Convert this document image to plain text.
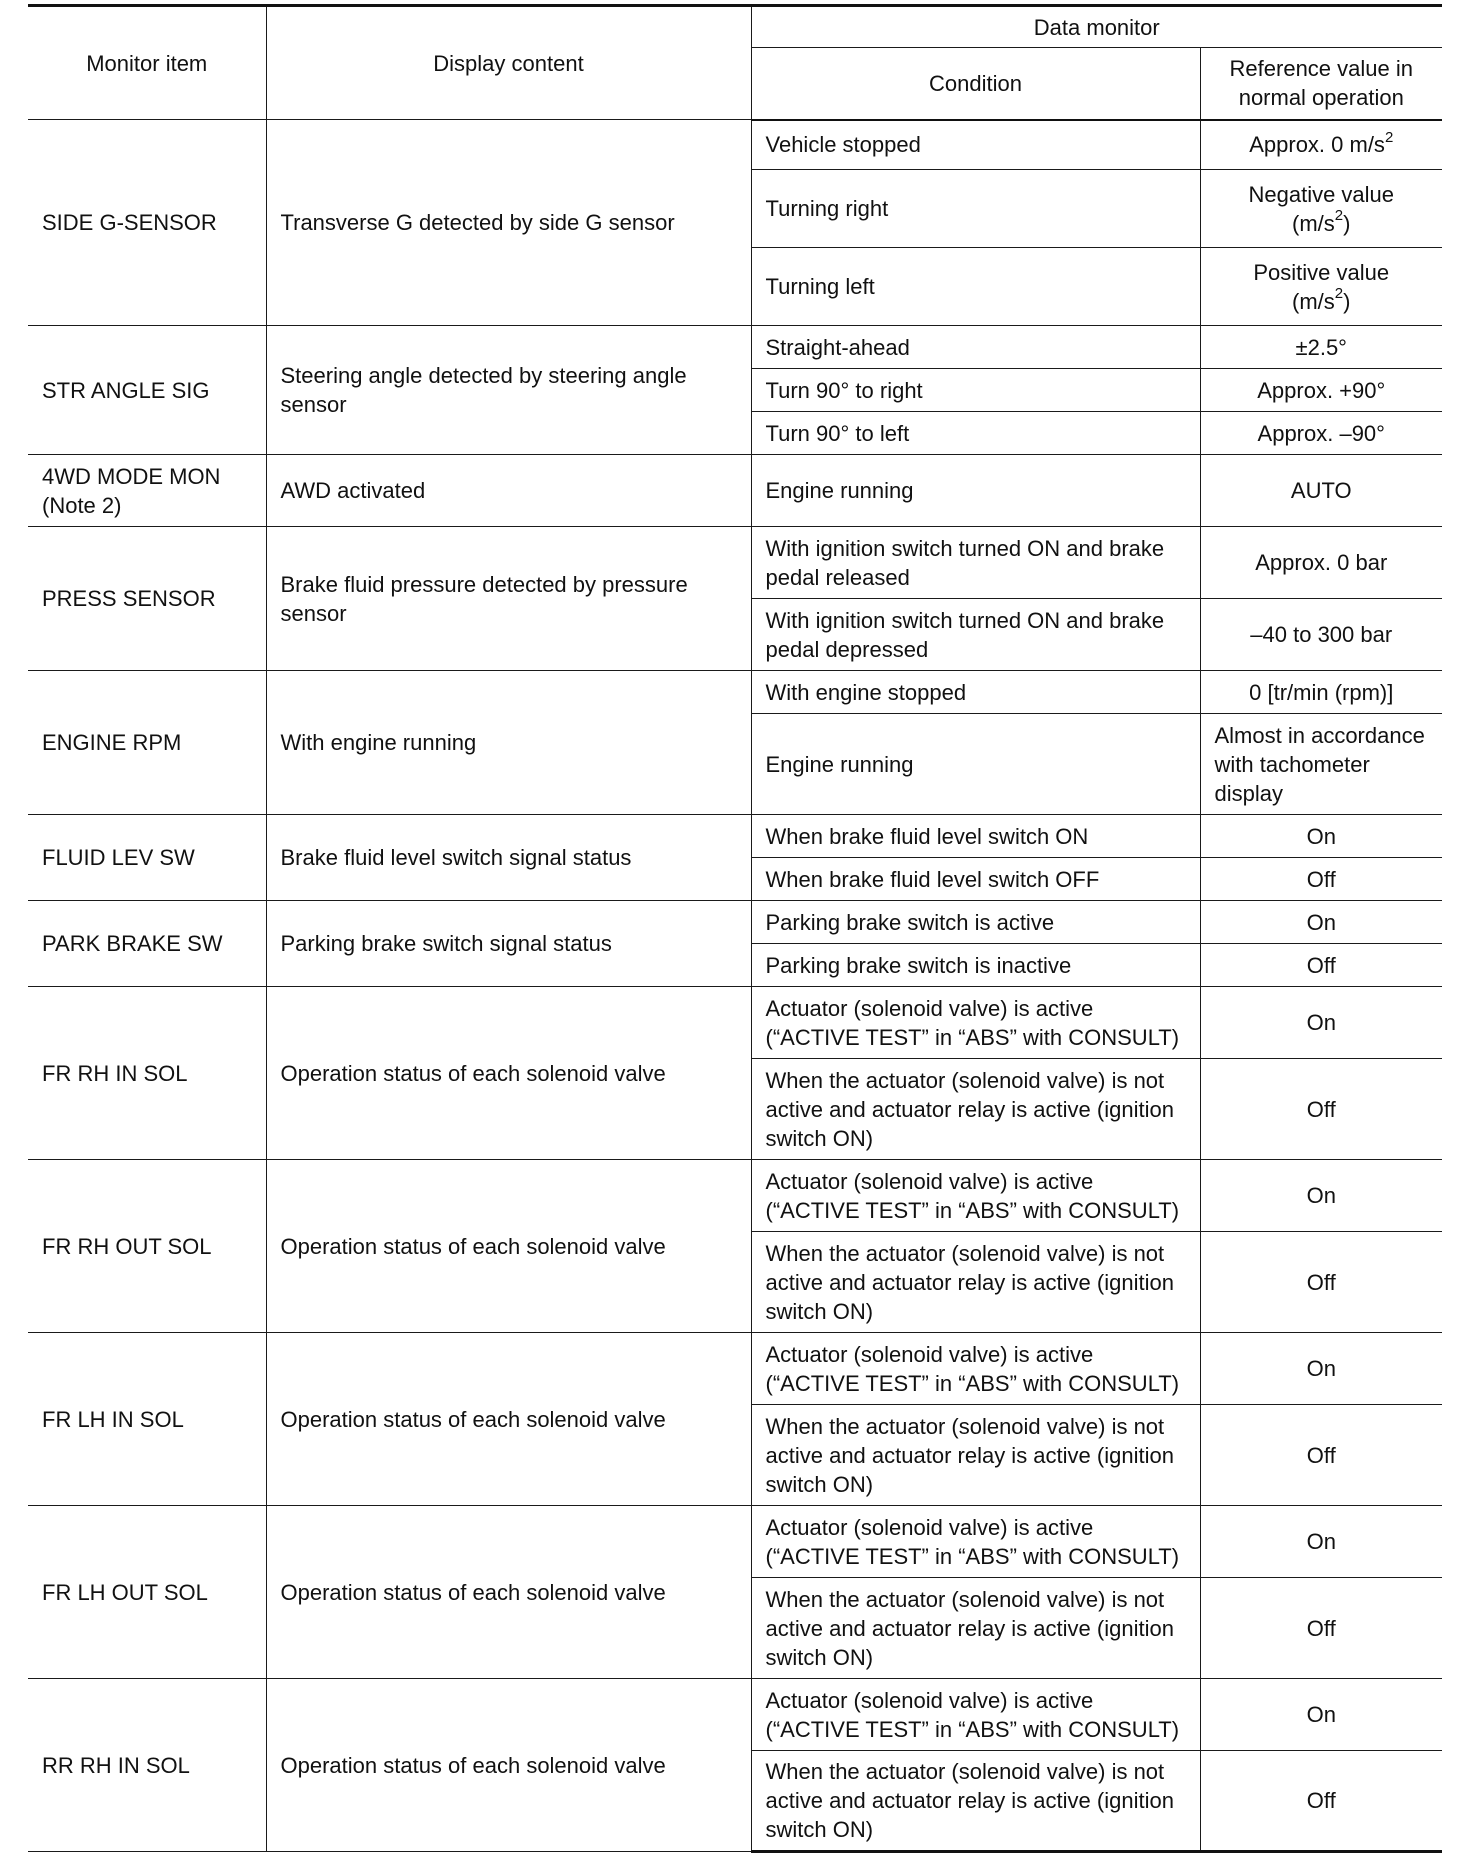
Monitor item	Display content	Data monitor	
		Condition	Reference value in normal operation
SIDE G-SENSOR	Transverse G detected by side G sensor	Vehicle stopped	Approx. 0 $m/s^2$
		Turning right	Negative value
$(m/s^2)$
		Turning left	Positive value
$(m/s^2)$
STR ANGLE SIG	Steering angle detected by steering angle sensor	Straight-ahead	±2.5°
		Turn 90° to right	Approx. +90°
		Turn 90° to left	Approx. –90°
4WD MODE MON (Note 2)	AWD activated	Engine running	AUTO
PRESS SENSOR	Brake fluid pressure detected by pressure sensor	With ignition switch turned ON and brake pedal released	Approx. 0 bar
		With ignition switch turned ON and brake pedal depressed	–40 to 300 bar
ENGINE RPM	With engine running	With engine stopped	0 [tr/min (rpm)]
		Engine running	Almost in accordance with tachometer display
FLUID LEV SW	Brake fluid level switch signal status	When brake fluid level switch ON	On
		When brake fluid level switch OFF	Off
PARK BRAKE SW	Parking brake switch signal status	Parking brake switch is active	On
		Parking brake switch is inactive	Off
FR RH IN SOL	Operation status of each solenoid valve	Actuator (solenoid valve) is active (“ACTIVE TEST” in “ABS” with CONSULT)	On
		When the actuator (solenoid valve) is not active and actuator relay is active (ignition switch ON)	Off
FR RH OUT SOL	Operation status of each solenoid valve	Actuator (solenoid valve) is active (“ACTIVE TEST” in “ABS” with CONSULT)	On
		When the actuator (solenoid valve) is not active and actuator relay is active (ignition switch ON)	Off
FR LH IN SOL	Operation status of each solenoid valve	Actuator (solenoid valve) is active (“ACTIVE TEST” in “ABS” with CONSULT)	On
		When the actuator (solenoid valve) is not active and actuator relay is active (ignition switch ON)	Off
FR LH OUT SOL	Operation status of each solenoid valve	Actuator (solenoid valve) is active (“ACTIVE TEST” in “ABS” with CONSULT)	On
		When the actuator (solenoid valve) is not active and actuator relay is active (ignition switch ON)	Off
RR RH IN SOL	Operation status of each solenoid valve	Actuator (solenoid valve) is active (“ACTIVE TEST” in “ABS” with CONSULT)	On
		When the actuator (solenoid valve) is not active and actuator relay is active (ignition switch ON)	Off
